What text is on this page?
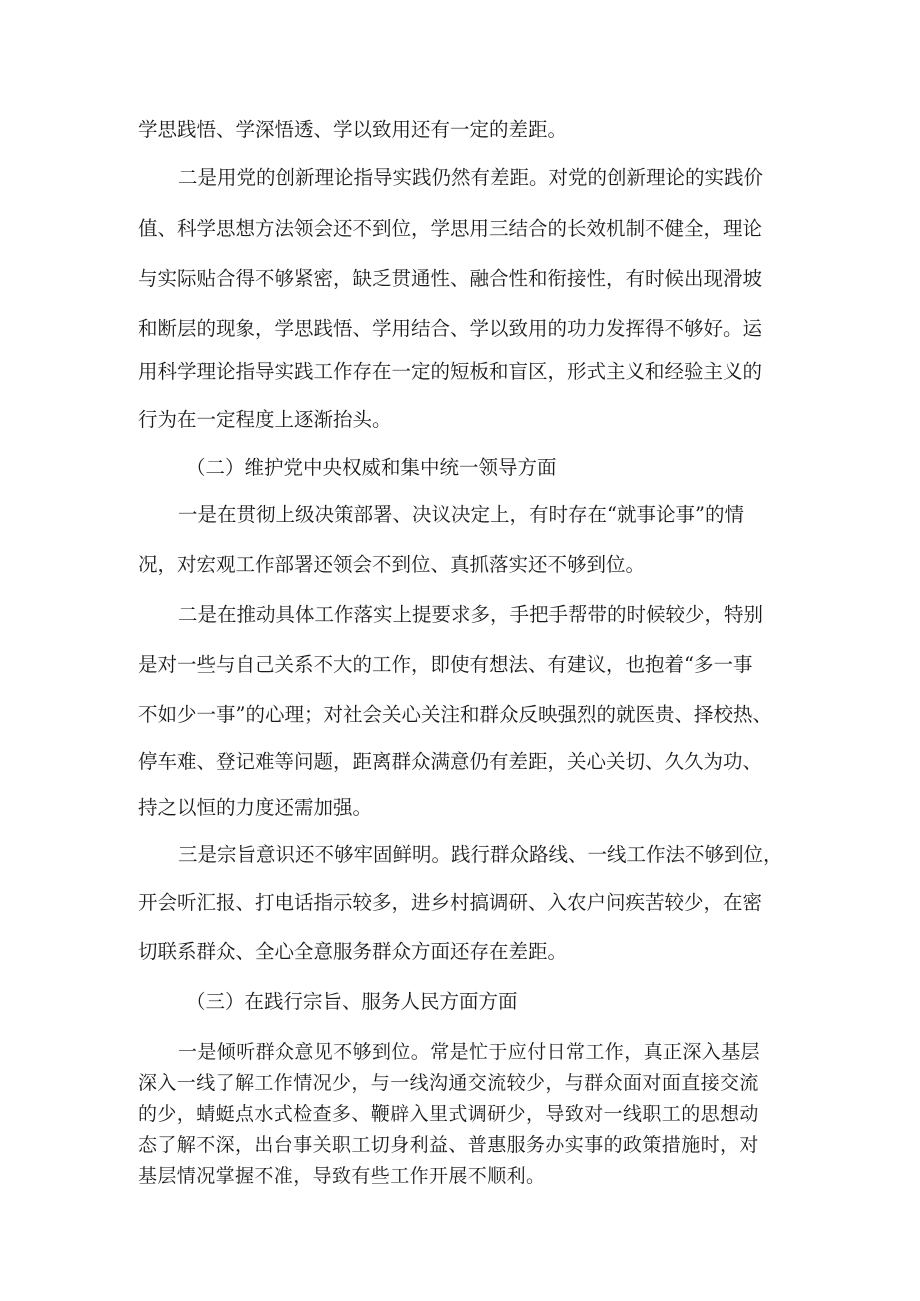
学思践悟、学深悟透、学以致用还有一定的差距。
二是用党的创新理论指导实践仍然有差距。对党的创新理论的实践价
值、科学思想方法领会还不到位，学思用三结合的长效机制不健全，理论
与实际贴合得不够紧密，缺乏贯通性、融合性和衔接性，有时候出现滑坡
和断层的现象，学思践悟、学用结合、学以致用的功力发挥得不够好。运
用科学理论指导实践工作存在一定的短板和盲区，形式主义和经验主义的
行为在一定程度上逐渐抬头。
（二）维护党中央权威和集中统一领导方面
一是在贯彻上级决策部署、决议决定上，有时存在“就事论事”的情
况，对宏观工作部署还领会不到位、真抓落实还不够到位。
二是在推动具体工作落实上提要求多，手把手帮带的时候较少，特别
是对一些与自己关系不大的工作，即使有想法、有建议，也抱着“多一事
不如少一事”的心理；对社会关心关注和群众反映强烈的就医贵、择校热、
停车难、登记难等问题，距离群众满意仍有差距，关心关切、久久为功、
持之以恒的力度还需加强。
三是宗旨意识还不够牢固鲜明。践行群众路线、一线工作法不够到位，
开会听汇报、打电话指示较多，进乡村搞调研、入农户问疾苦较少，在密
切联系群众、全心全意服务群众方面还存在差距。
（三）在践行宗旨、服务人民方面方面
一是倾听群众意见不够到位。常是忙于应付日常工作，真正深入基层
深入一线了解工作情况少，与一线沟通交流较少，与群众面对面直接交流
的少，蜻蜓点水式检查多、鞭辟入里式调研少，导致对一线职工的思想动
态了解不深，出台事关职工切身利益、普惠服务办实事的政策措施时，对
基层情况掌握不准，导致有些工作开展不顺利。
